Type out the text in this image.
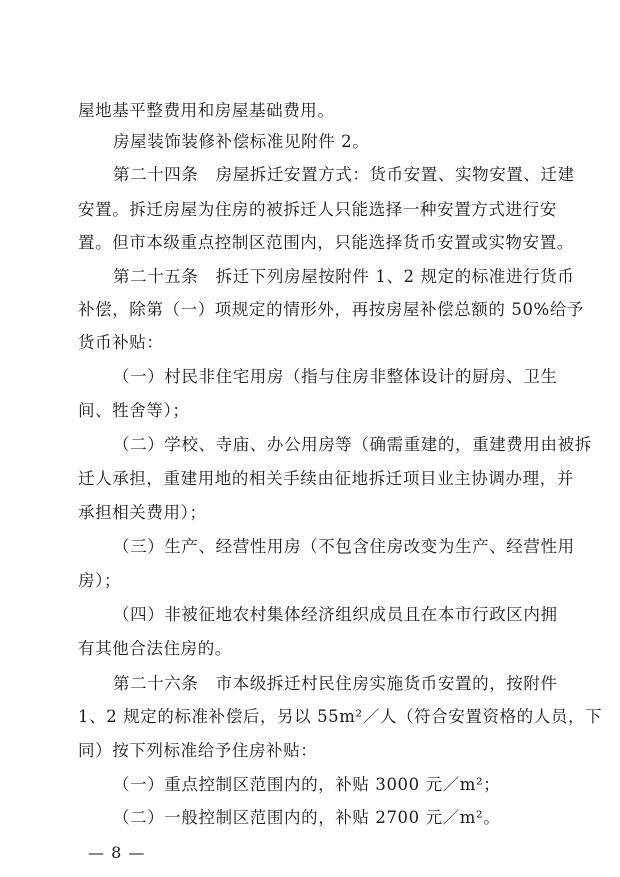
屋地基平整费用和房屋基础费用。
房屋装饰装修补偿标准见附件 2。
第二十四条　房屋拆迁安置方式：货币安置、实物安置、迁建
安置。拆迁房屋为住房的被拆迁人只能选择一种安置方式进行安
置。但市本级重点控制区范围内，只能选择货币安置或实物安置。
第二十五条　拆迁下列房屋按附件 1、2 规定的标准进行货币
补偿，除第（一）项规定的情形外，再按房屋补偿总额的 50%给予
货币补贴：
（一）村民非住宅用房（指与住房非整体设计的厨房、卫生
间、牲舍等）；
（二）学校、寺庙、办公用房等（确需重建的，重建费用由被拆
迁人承担，重建用地的相关手续由征地拆迁项目业主协调办理，并
承担相关费用）；
（三）生产、经营性用房（不包含住房改变为生产、经营性用
房）；
（四）非被征地农村集体经济组织成员且在本市行政区内拥
有其他合法住房的。
第二十六条　市本级拆迁村民住房实施货币安置的，按附件
1、2 规定的标准补偿后，另以 55m²／人（符合安置资格的人员，下
同）按下列标准给予住房补贴：
（一）重点控制区范围内的，补贴 3000 元／m²；
（二）一般控制区范围内的，补贴 2700 元／m²。
— 8 —
